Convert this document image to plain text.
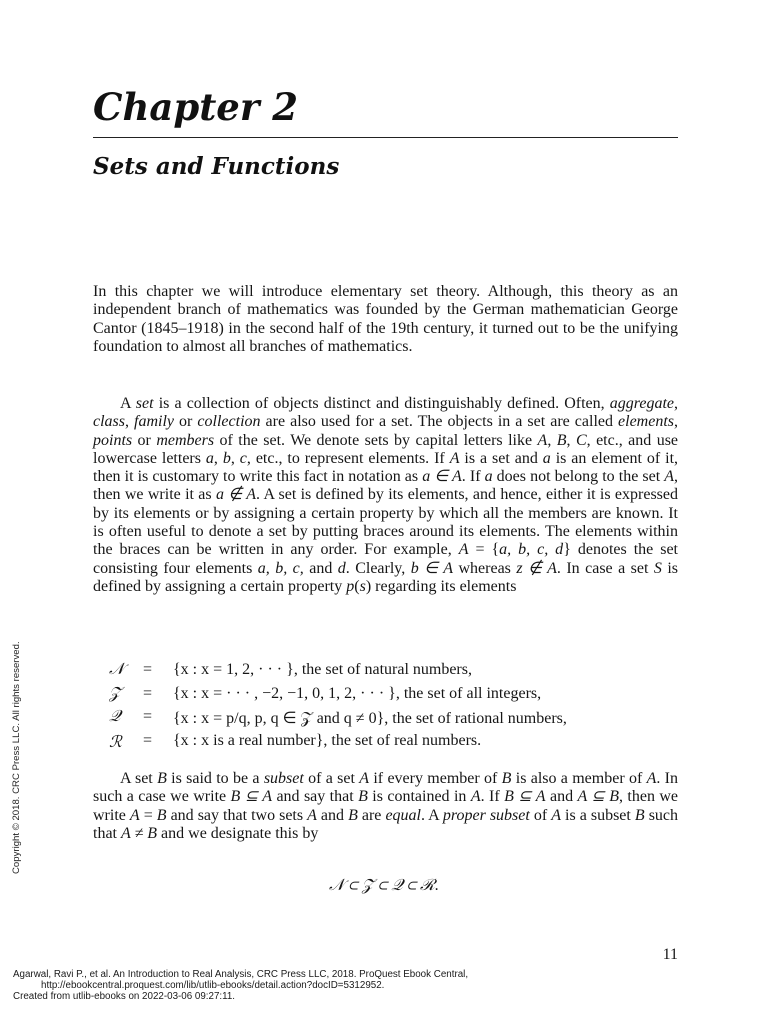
Chapter 2
Sets and Functions

In this chapter we will introduce elementary set theory. Although, this theory as an independent branch of mathematics was founded by the German mathematician George Cantor (1845–1918) in the second half of the 19th century, it turned out to be the unifying foundation to almost all branches of mathematics.

A set is a collection of objects distinct and distinguishably defined. Often, aggregate, class, family or collection are also used for a set. The objects in a set are called elements, points or members of the set. We denote sets by capital letters like A, B, C, etc., and use lowercase letters a, b, c, etc., to represent elements. If A is a set and a is an element of it, then it is customary to write this fact in notation as a ∈ A. If a does not belong to the set A, then we write it as a ∉ A. A set is defined by its elements, and hence, either it is expressed by its elements or by assigning a certain property by which all the members are known. It is often useful to denote a set by putting braces around its elements. The elements within the braces can be written in any order. For example, A = {a, b, c, d} denotes the set consisting four elements a, b, c, and d. Clearly, b ∈ A whereas z ∉ A. In case a set S is defined by assigning a certain property p(s) regarding its elements

𝒩	= {x : x = 1, 2, · · · }, the set of natural numbers,
𝒵	= {x : x = · · · , −2, −1, 0, 1, 2, · · · }, the set of all integers,
𝒬	= {x : x = p/q, p, q ∈ 𝒵 and q ≠ 0}, the set of rational numbers,
ℛ	= {x : x is a real number}, the set of real numbers.

A set B is said to be a subset of a set A if every member of B is also a member of A. In such a case we write B ⊆ A and say that B is contained in A. If B ⊆ A and A ⊆ B, then we write A = B and say that two sets A and B are equal. A proper subset of A is a subset B such that A ≠ B and we designate this by

𝒩 ⊂ 𝒵 ⊂ 𝒬 ⊂ ℛ.
11
Copyright © 2018. CRC Press LLC. All rights reserved.
Agarwal, Ravi P., et al. An Introduction to Real Analysis, CRC Press LLC, 2018. ProQuest Ebook Central,
http://ebookcentral.proquest.com/lib/utlib-ebooks/detail.action?docID=5312952.
Created from utlib-ebooks on 2022-03-06 09:27:11.
